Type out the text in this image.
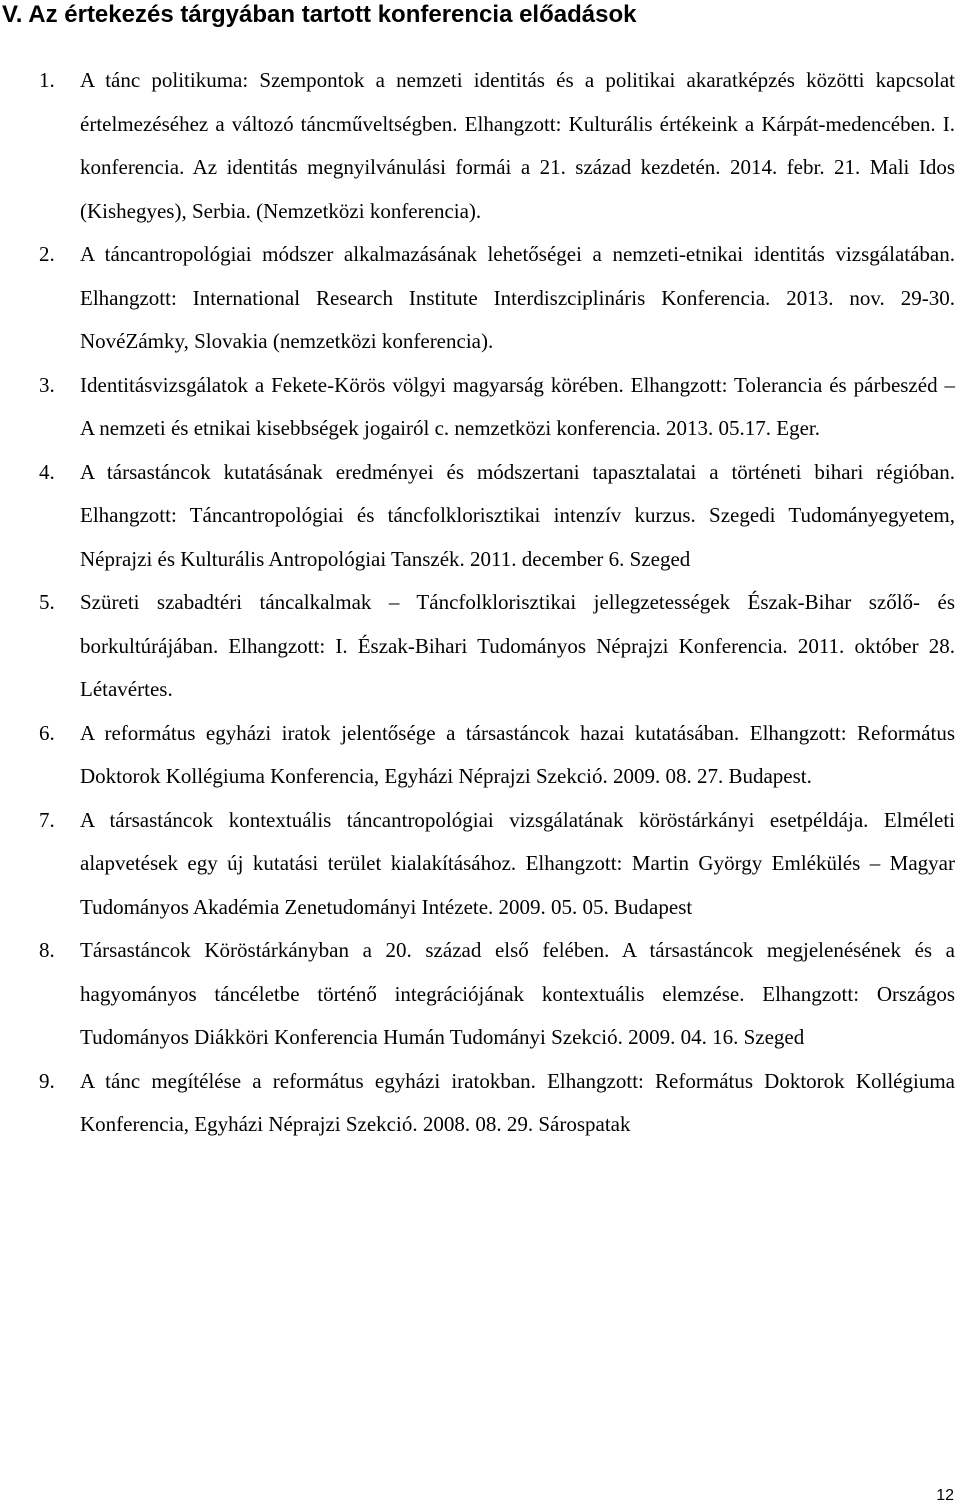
V. Az értekezés tárgyában tartott konferencia előadások
1. A tánc politikuma: Szempontok a nemzeti identitás és a politikai akaratképzés közötti kapcsolat értelmezéséhez a változó táncműveltségben. Elhangzott: Kulturális értékeink a Kárpát-medencében. I. konferencia. Az identitás megnyilvánulási formái a 21. század kezdetén. 2014. febr. 21. Mali Idos (Kishegyes), Serbia. (Nemzetközi konferencia).
2. A táncantropológiai módszer alkalmazásának lehetőségei a nemzeti-etnikai identitás vizsgálatában. Elhangzott: International Research Institute Interdiszciplináris Konferencia. 2013. nov. 29-30. NovéZámky, Slovakia (nemzetközi konferencia).
3. Identitásvizsgálatok a Fekete-Körös völgyi magyarság körében. Elhangzott: Tolerancia és párbeszéd – A nemzeti és etnikai kisebbségek jogairól c. nemzetközi konferencia. 2013. 05.17. Eger.
4. A társastáncok kutatásának eredményei és módszertani tapasztalatai a történeti bihari régióban. Elhangzott: Táncantropológiai és táncfolklorisztikai intenzív kurzus. Szegedi Tudományegyetem, Néprajzi és Kulturális Antropológiai Tanszék. 2011. december 6. Szeged
5. Szüreti szabadtéri táncalkalmak – Táncfolklorisztikai jellegzetességek Észak-Bihar szőlő- és borkultúrájában. Elhangzott: I. Észak-Bihari Tudományos Néprajzi Konferencia. 2011. október 28. Létavértes.
6. A református egyházi iratok jelentősége a társastáncok hazai kutatásában. Elhangzott: Református Doktorok Kollégiuma Konferencia, Egyházi Néprajzi Szekció. 2009. 08. 27. Budapest.
7. A társastáncok kontextuális táncantropológiai vizsgálatának köröstárkányi esetpéldája. Elméleti alapvetések egy új kutatási terület kialakításához. Elhangzott: Martin György Emlékülés – Magyar Tudományos Akadémia Zenetudományi Intézete. 2009. 05. 05. Budapest
8. Társastáncok Köröstárkányban a 20. század első felében. A társastáncok megjelenésének és a hagyományos táncéletbe történő integrációjának kontextuális elemzése. Elhangzott: Országos Tudományos Diákköri Konferencia Humán Tudományi Szekció. 2009. 04. 16. Szeged
9. A tánc megítélése a református egyházi iratokban. Elhangzott: Református Doktorok Kollégiuma Konferencia, Egyházi Néprajzi Szekció. 2008. 08. 29. Sárospatak
12
